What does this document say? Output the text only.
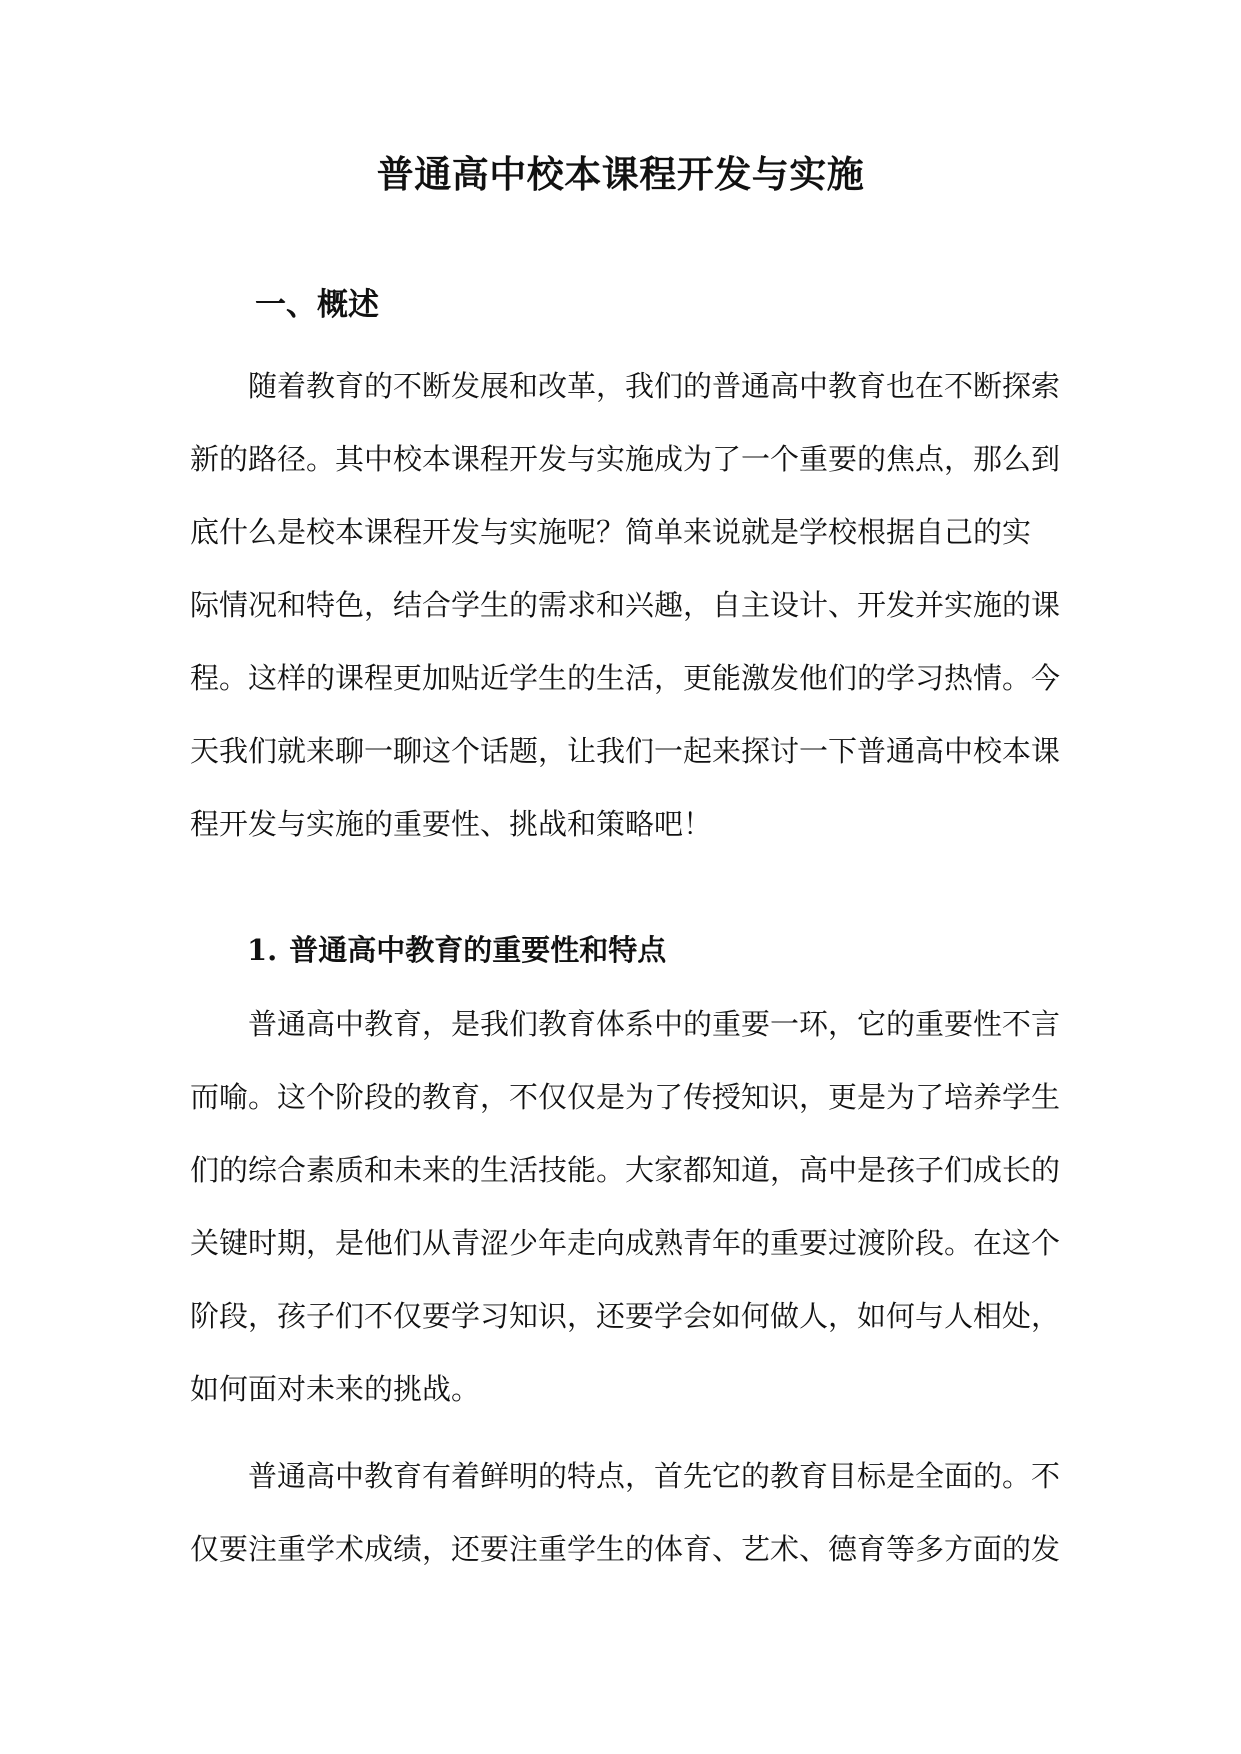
普通高中校本课程开发与实施
一、概述
随着教育的不断发展和改革，我们的普通高中教育也在不断探索
新的路径。其中校本课程开发与实施成为了一个重要的焦点，那么到
底什么是校本课程开发与实施呢？简单来说就是学校根据自己的实
际情况和特色，结合学生的需求和兴趣，自主设计、开发并实施的课
程。这样的课程更加贴近学生的生活，更能激发他们的学习热情。今
天我们就来聊一聊这个话题，让我们一起来探讨一下普通高中校本课
程开发与实施的重要性、挑战和策略吧！
1. 普通高中教育的重要性和特点
普通高中教育，是我们教育体系中的重要一环，它的重要性不言
而喻。这个阶段的教育，不仅仅是为了传授知识，更是为了培养学生
们的综合素质和未来的生活技能。大家都知道，高中是孩子们成长的
关键时期，是他们从青涩少年走向成熟青年的重要过渡阶段。在这个
阶段，孩子们不仅要学习知识，还要学会如何做人，如何与人相处，
如何面对未来的挑战。
普通高中教育有着鲜明的特点，首先它的教育目标是全面的。不
仅要注重学术成绩，还要注重学生的体育、艺术、德育等多方面的发
